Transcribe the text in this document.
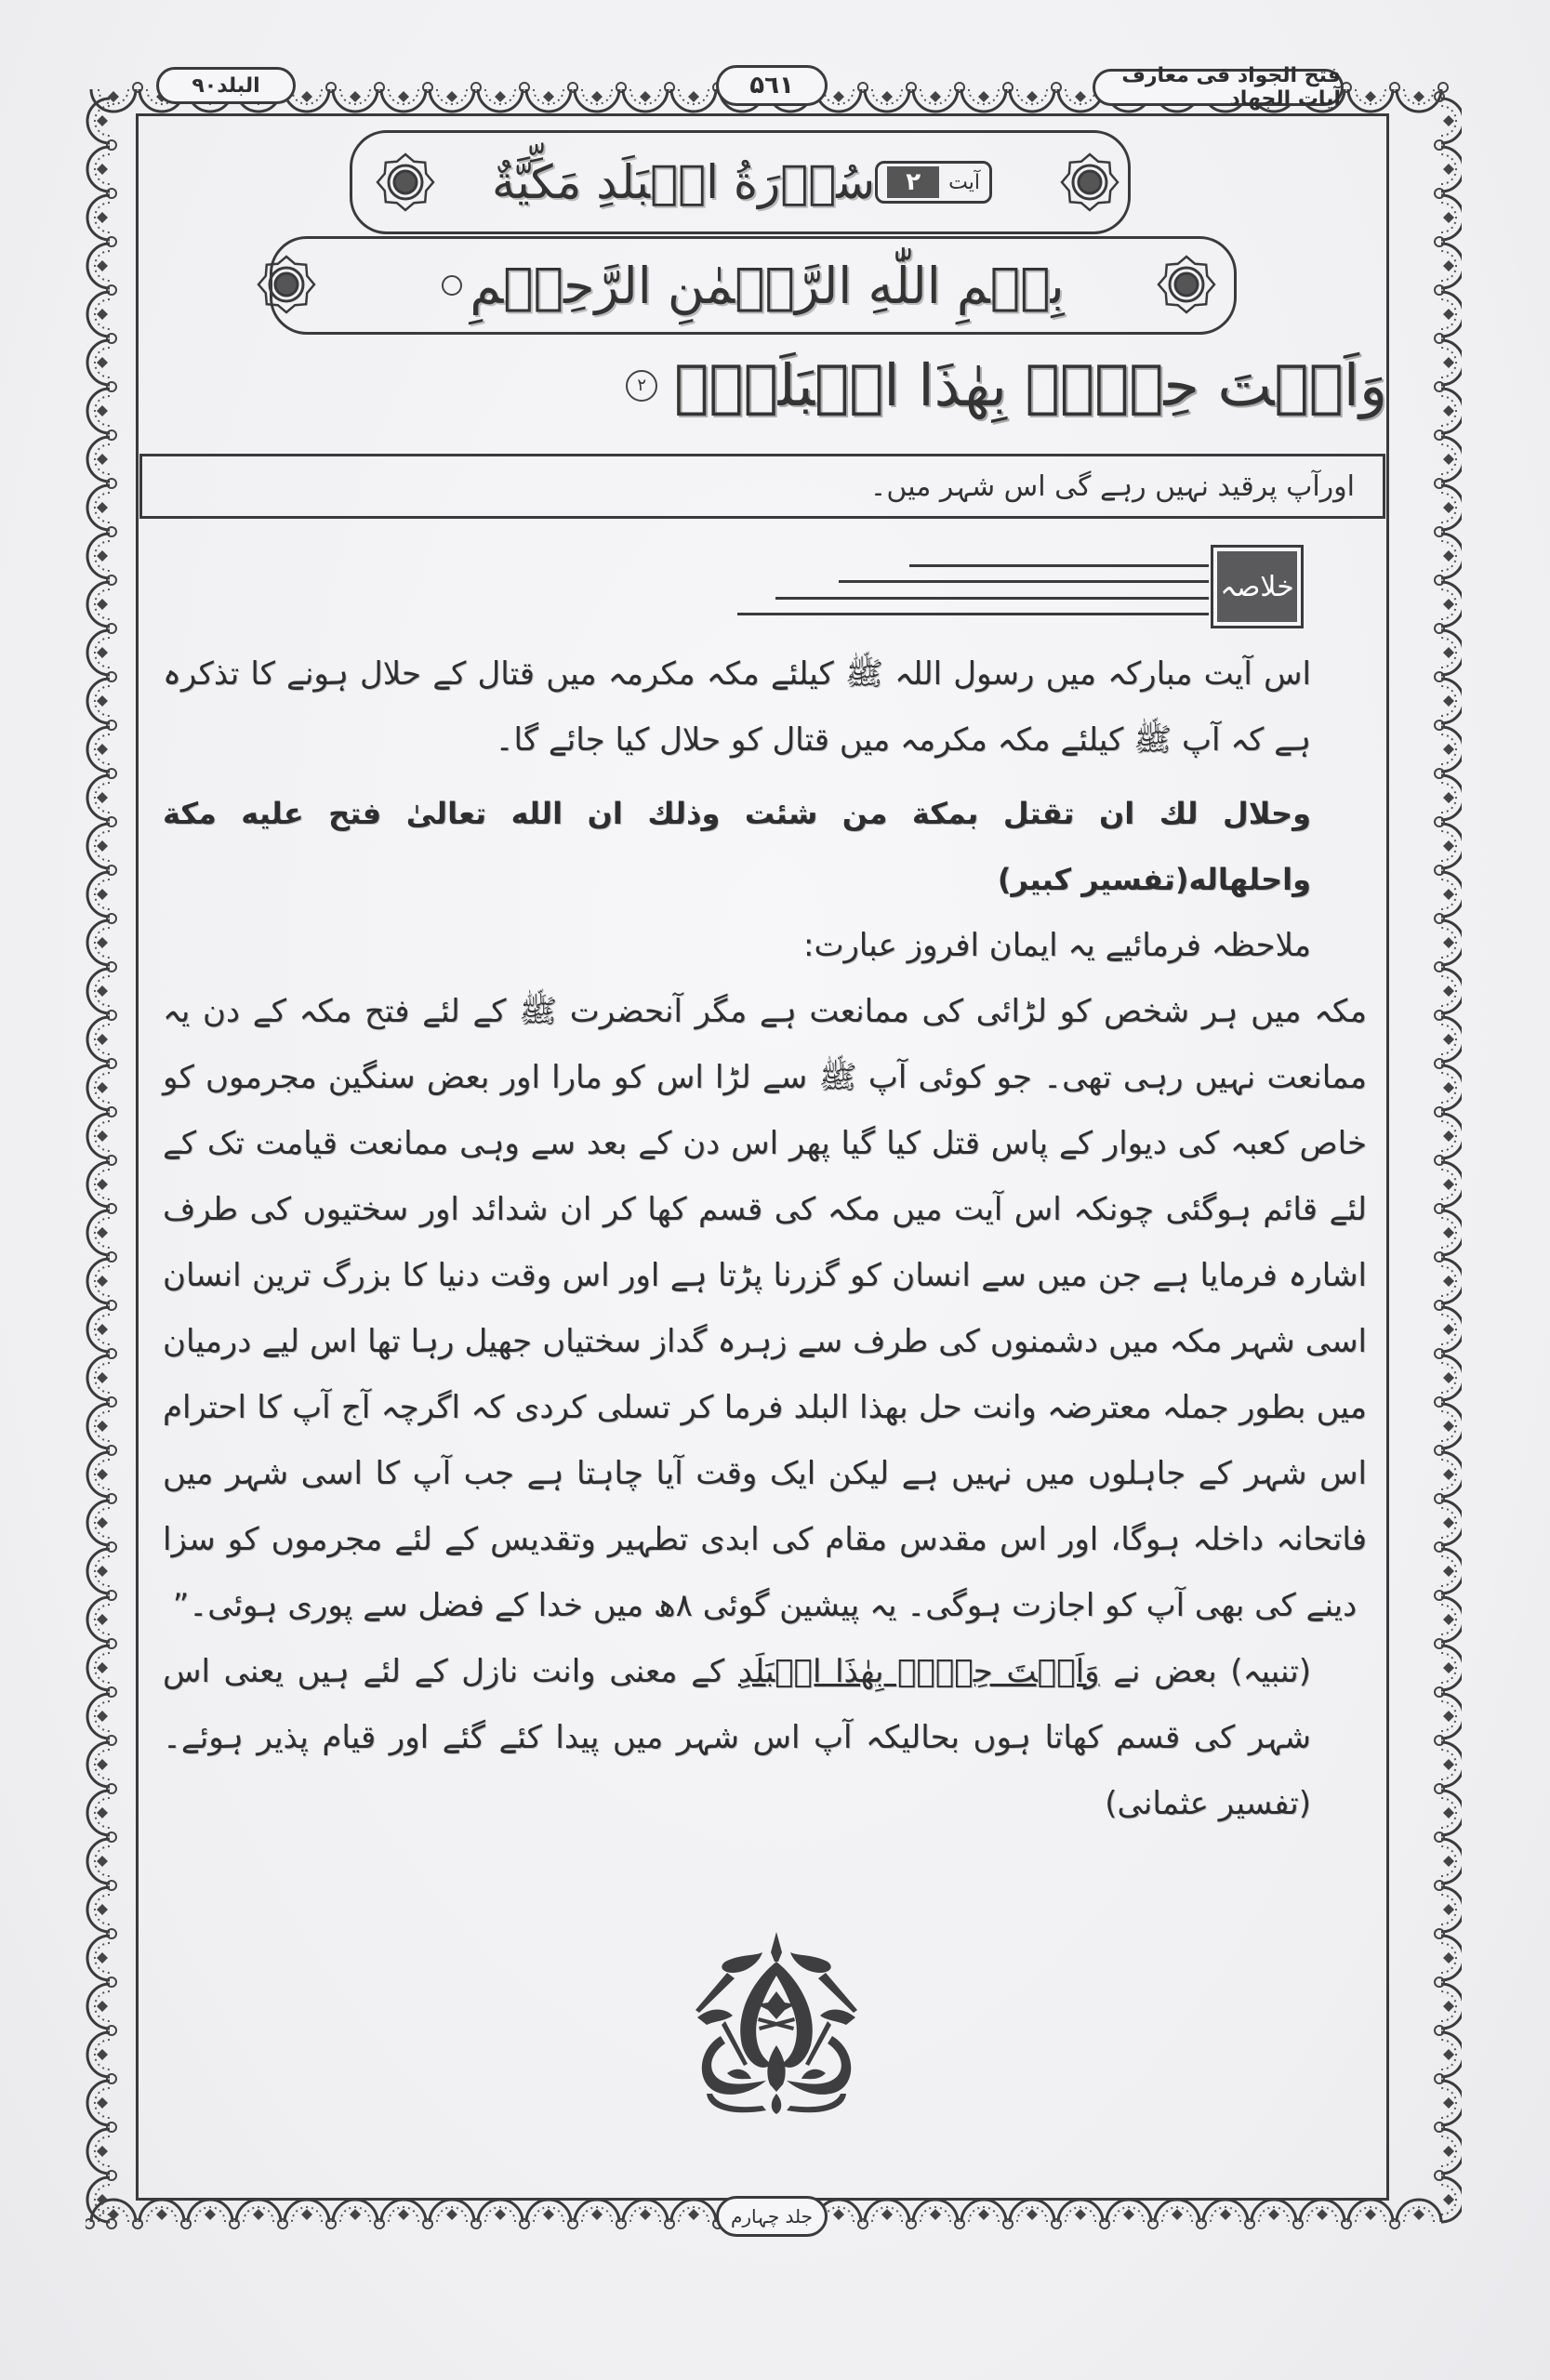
فتح الجواد فی معارف آیات الجهاد
۵٦۱
البلد۹۰
آیت
۲
سُوۡرَةُ الۡبَلَدِ مَكِّيَّةٌ
بِسۡمِ اللّٰهِ الرَّحۡمٰنِ الرَّحِيۡمِ
وَاَنۡتَ حِلٌّۢ بِهٰذَا الۡبَلَدِۙ
۲
اورآپ پرقید نہیں رہے گی اس شہر میں۔
خلاصہ

اس آیت مبارکہ میں رسول اللہ ﷺ کیلئے مکہ مکرمہ میں قتال کے حلال ہونے کا تذکرہ ہے کہ آپ ﷺ کیلئے مکہ مکرمہ میں قتال کو حلال کیا جائے گا۔

وحلال لك ان تقتل بمكة من شئت وذلك ان الله تعالىٰ فتح عليه مكة واحلهاله(تفسير كبير)

ملاحظہ فرمائیے یہ ایمان افروز عبارت:

مکہ میں ہر شخص کو لڑائی کی ممانعت ہے مگر آنحضرت ﷺ کے لئے فتح مکہ کے دن یہ ممانعت نہیں رہی تھی۔ جو کوئی آپ ﷺ سے لڑا اس کو مارا اور بعض سنگین مجرموں کو خاص کعبہ کی دیوار کے پاس قتل کیا گیا پھر اس دن کے بعد سے وہی ممانعت قیامت تک کے لئے قائم ہوگئی چونکہ اس آیت میں مکہ کی قسم کھا کر ان شدائد اور سختیوں کی طرف اشارہ فرمایا ہے جن میں سے انسان کو گزرنا پڑتا ہے اور اس وقت دنیا کا بزرگ ترین انسان اسی شہر مکہ میں دشمنوں کی طرف سے زہرہ گداز سختیاں جھیل رہا تھا اس لیے درمیان میں بطور جملہ معترضہ وانت حل بھذا البلد فرما کر تسلی کردی کہ اگرچہ آج آپ کا احترام اس شہر کے جاہلوں میں نہیں ہے لیکن ایک وقت آیا چاہتا ہے جب آپ کا اسی شہر میں فاتحانہ داخلہ ہوگا، اور اس مقدس مقام کی ابدی تطہیر وتقدیس کے لئے مجرموں کو سزا دینے کی بھی آپ کو اجازت ہوگی۔ یہ پیشین گوئی ۸ھ میں خدا کے فضل سے پوری ہوئی۔”

(تنبیہ) بعض نے وَاَنۡتَ حِلٌّۢ بِهٰذَا الۡبَلَدِ کے معنی وانت نازل کے لئے ہیں یعنی اس شہر کی قسم کھاتا ہوں بحالیکہ آپ اس شہر میں پیدا کئے گئے اور قیام پذیر ہوئے۔ (تفسیر عثمانی)

جلد چہارم
